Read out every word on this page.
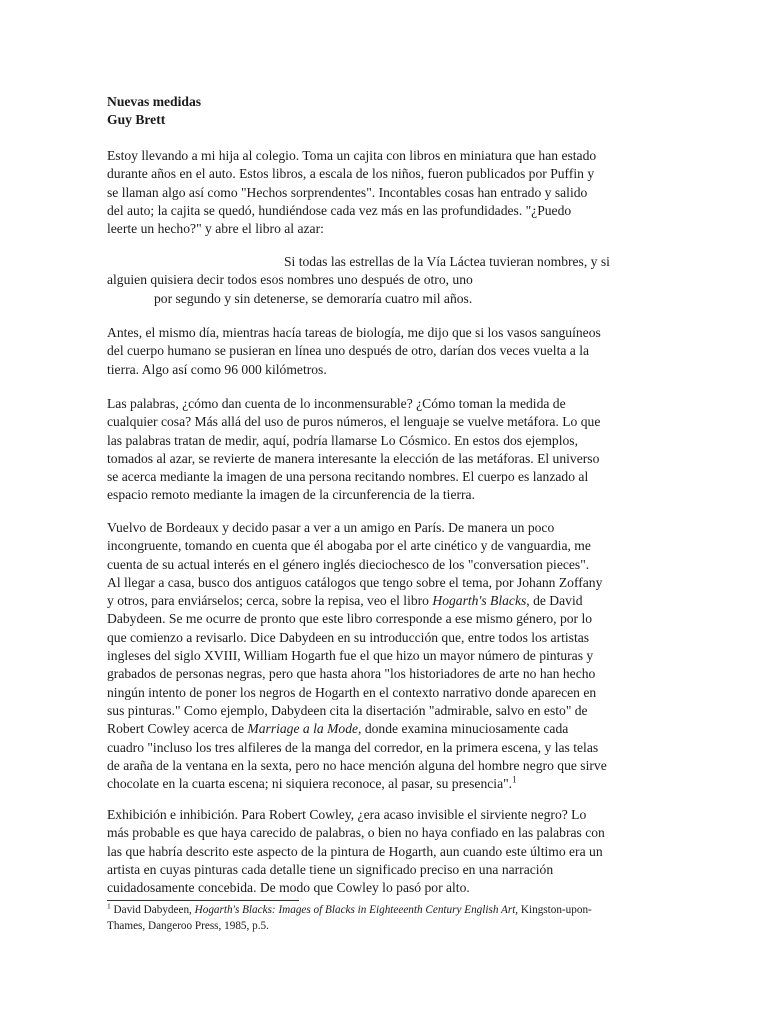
Nuevas medidas
Guy Brett
Estoy llevando a mi hija al colegio. Toma un cajita con libros en miniatura que han estado
durante años en el auto. Estos libros, a escala de los niños, fueron publicados por Puffin y
se llaman algo así como "Hechos sorprendentes". Incontables cosas han entrado y salido
del auto; la cajita se quedó, hundiéndose cada vez más en las profundidades. "¿Puedo
leerte un hecho?" y abre el libro al azar:
Si todas las estrellas de la Vía Láctea tuvieran nombres, y si
alguien quisiera decir todos esos nombres uno después de otro, uno
por segundo y sin detenerse, se demoraría cuatro mil años.
Antes, el mismo día, mientras hacía tareas de biología, me dijo que si los vasos sanguíneos
del cuerpo humano se pusieran en línea uno después de otro, darían dos veces vuelta a la
tierra. Algo así como 96 000 kilómetros.
Las palabras, ¿cómo dan cuenta de lo inconmensurable? ¿Cómo toman la medida de
cualquier cosa? Más allá del uso de puros números, el lenguaje se vuelve metáfora. Lo que
las palabras tratan de medir, aquí, podría llamarse Lo Cósmico. En estos dos ejemplos,
tomados al azar, se revierte de manera interesante la elección de las metáforas. El universo
se acerca mediante la imagen de una persona recitando nombres. El cuerpo es lanzado al
espacio remoto mediante la imagen de la circunferencia de la tierra.
Vuelvo de Bordeaux y decido pasar a ver a un amigo en París. De manera un poco
incongruente, tomando en cuenta que él abogaba por el arte cinético y de vanguardia, me
cuenta de su actual interés en el género inglés dieciochesco de los "conversation pieces".
Al llegar a casa, busco dos antiguos catálogos que tengo sobre el tema, por Johann Zoffany
y otros, para enviárselos; cerca, sobre la repisa, veo el libro Hogarth's Blacks, de David
Dabydeen. Se me ocurre de pronto que este libro corresponde a ese mismo género, por lo
que comienzo a revisarlo. Dice Dabydeen en su introducción que, entre todos los artistas
ingleses del siglo XVIII, William Hogarth fue el que hizo un mayor número de pinturas y
grabados de personas negras, pero que hasta ahora "los historiadores de arte no han hecho
ningún intento de poner los negros de Hogarth en el contexto narrativo donde aparecen en
sus pinturas." Como ejemplo, Dabydeen cita la disertación "admirable, salvo en esto" de
Robert Cowley acerca de Marriage a la Mode, donde examina minuciosamente cada
cuadro "incluso los tres alfileres de la manga del corredor, en la primera escena, y las telas
de araña de la ventana en la sexta, pero no hace mención alguna del hombre negro que sirve
chocolate en la cuarta escena; ni siquiera reconoce, al pasar, su presencia".$^1$
Exhibición e inhibición. Para Robert Cowley, ¿era acaso invisible el sirviente negro? Lo
más probable es que haya carecido de palabras, o bien no haya confiado en las palabras con
las que habría descrito este aspecto de la pintura de Hogarth, aun cuando este último era un
artista en cuyas pinturas cada detalle tiene un significado preciso en una narración
cuidadosamente concebida. De modo que Cowley lo pasó por alto.
$^1$ David Dabydeen, Hogarth's Blacks: Images of Blacks in Eighteeenth Century English Art, Kingston-upon-
Thames, Dangeroo Press, 1985, p.5.
